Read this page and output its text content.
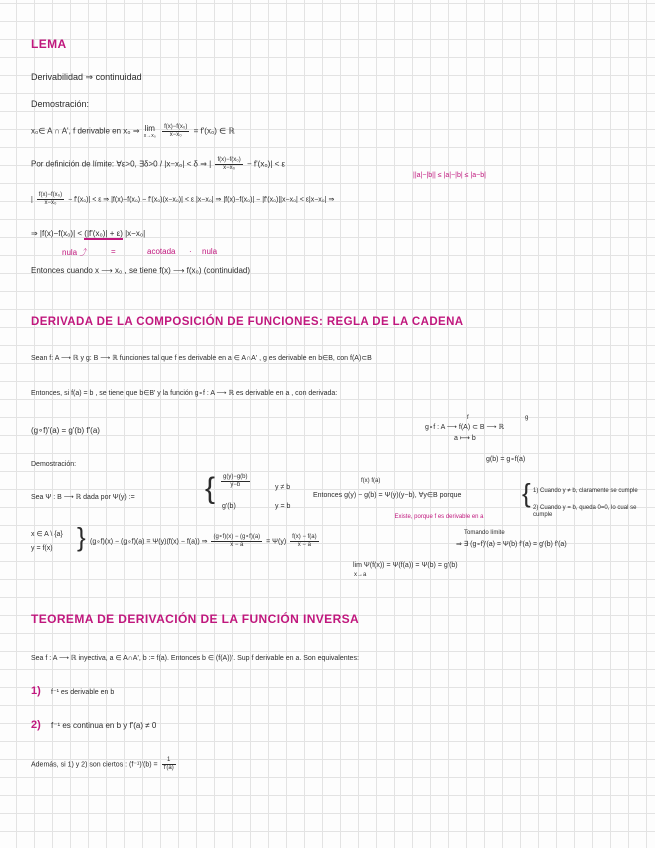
LEMA
Derivabilidad ⇒ continuidad
Demostración:
x₀∈ A ∩ A', f derivable en x₀ ⇒ lim
x→x₀
$\frac{\text{f(x)−f(x₀)}}{\text{x−x₀}} = f'(x_0)$ ∈ ℝ
Por definición de límite: ∀ε>0, ∃δ>0 / |x−x₀| < δ ⇒ | $\frac{\text{f(x)−f(x₀)}}{\text{x−x₀}} - f'(x_0)| < \varepsilon$
||a|−|b|| ≤ |a|−|b| ≤ |a−b|
| $\frac{\text{f(x)−f(x₀)}}{\text{x−x₀}} - f'(x_0)| < \varepsilon$ ⇒ |f(x)−f(x₀) − f'(x₀)(x−x₀)| < ε |x−x₀| ⇒ |f(x)−f(x₀)| − |f'(x₀)||x−x₀| < ε|x−x₀| ⇒
⇒ |f(x)−f(x₀)| < (|f'(x₀)| + ε) |x−x₀|
nula ⤴	=	acotada · nula
Entonces cuando x ⟶ x₀ , se tiene f(x) ⟶ f(x₀) (continuidad)
DERIVADA DE LA COMPOSICIÓN DE FUNCIONES: REGLA DE LA CADENA
Sean f: A ⟶ ℝ y g: B ⟶ ℝ funciones tal que f es derivable en a ∈ A∩A' , g es derivable en b∈B, con f(A)⊂B
Entonces, si f(a) = b , se tiene que b∈B' y la función g∘f : A ⟶ ℝ es derivable en a , con derivada:
(g∘f)'(a) = g'(b) f'(a)
f	g
g∘f : A ⟶ f(A) ⊂ B ⟶ ℝ
a ⟼ b
g(b) = g∘f(a)
Demostración:
Sea Ψ : B ⟶ ℝ dada por Ψ(y) := { $\frac{g(y)-g(b)}{y-b}$	y ≠ b
g'(b)	y = b
f(x) f(a)
Entonces g(y) − g(b) = Ψ(y)(y−b), ∀y∈B porque { 1) Cuando y ≠ b, claramente se cumple
2) Cuando y = b, queda 0=0, lo cual se cumple
Existe, porque f es derivable en a
x ∈ A \ {a}
y = f(x) } (g∘f)(x) − (g∘f)(a) = Ψ(y)(f(x) − f(a)) ⇒ $\frac{(g\circ f)(x) - (g\circ f)(a)}{x - a} = \Psi(y) \frac{f(x) - f(a)}{x - a}$
Tomando límite
⇒ ∃ (g∘f)'(a) = Ψ(b) f'(a) = g'(b) f'(a)
lim Ψ(f(x)) = Ψ(f(a)) = Ψ(b) = g'(b)
x→a
TEOREMA DE DERIVACIÓN DE LA FUNCIÓN INVERSA
Sea f : A ⟶ ℝ inyectiva, a ∈ A∩A', b := f(a). Entonces b ∈ (f(A))'. Sup f derivable en a. Son equivalentes:
1) f⁻¹ es derivable en b
2) f⁻¹ es continua en b y f'(a) ≠ 0
Además, si 1) y 2) son ciertos : $(f^{-1})'(b) = \frac{1}{f'(a)}$
